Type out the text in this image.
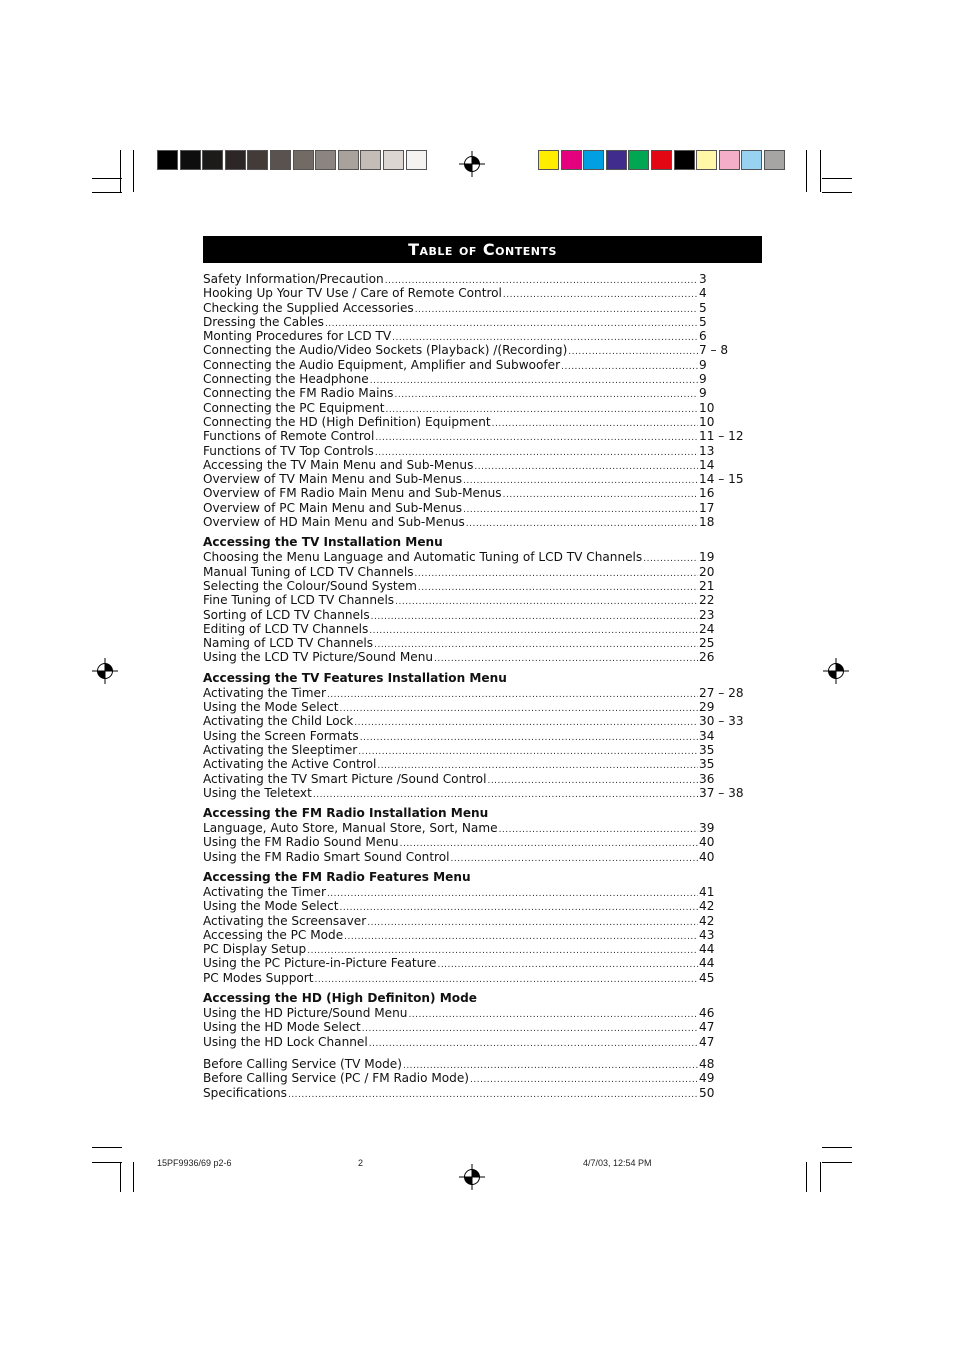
Table of Contents
Safety Information/Precaution .....	3
Hooking Up Your TV Use / Care of Remote Control .....	4
Checking the Supplied Accessories .....	5
Dressing the Cables .....	5
Monting Procedures for LCD TV .....	6
Connecting the Audio/Video Sockets (Playback) /(Recording) .....	7 – 8
Connecting the Audio Equipment, Amplifier and Subwoofer .....	9
Connecting the Headphone .....	9
Connecting the FM Radio Mains .....	9
Connecting the PC Equipment .....	10
Connecting the HD (High Definition) Equipment .....	10
Functions of Remote Control .....	11 – 12
Functions of TV Top Controls .....	13
Accessing the TV Main Menu and Sub-Menus .....	14
Overview of TV Main Menu and Sub-Menus .....	14 – 15
Overview of FM Radio Main Menu and Sub-Menus .....	16
Overview of PC Main Menu and Sub-Menus .....	17
Overview of HD Main Menu and Sub-Menus .....	18
Accessing the TV Installation Menu
Choosing the Menu Language and Automatic Tuning of LCD TV Channels .....	19
Manual Tuning of LCD TV Channels .....	20
Selecting the Colour/Sound System .....	21
Fine Tuning of LCD TV Channels .....	22
Sorting of LCD TV Channels .....	23
Editing of LCD TV Channels .....	24
Naming of LCD TV Channels .....	25
Using the LCD TV Picture/Sound Menu .....	26
Accessing the TV Features Installation Menu
Activating the Timer .....	27 – 28
Using the Mode Select .....	29
Activating the Child Lock .....	30 – 33
Using the Screen Formats .....	34
Activating the Sleeptimer .....	35
Activating the Active Control .....	35
Activating the TV Smart Picture /Sound Control .....	36
Using the Teletext .....	37 – 38
Accessing the FM Radio Installation Menu
Language, Auto Store, Manual Store, Sort, Name .....	39
Using the FM Radio Sound Menu .....	40
Using the FM Radio Smart Sound Control .....	40
Accessing the FM Radio Features Menu
Activating the Timer .....	41
Using the Mode Select .....	42
Activating the Screensaver .....	42
Accessing the PC Mode .....	43
PC Display Setup .....	44
Using the PC Picture-in-Picture Feature .....	44
PC Modes Support .....	45
Accessing the HD (High Definiton) Mode
Using the HD Picture/Sound Menu .....	46
Using the HD Mode Select .....	47
Using the HD Lock Channel .....	47
Before Calling Service (TV Mode) .....	48
Before Calling Service (PC / FM Radio Mode) .....	49
Specifications .....	50
15PF9936/69 p2-6	2	4/7/03, 12:54 PM
